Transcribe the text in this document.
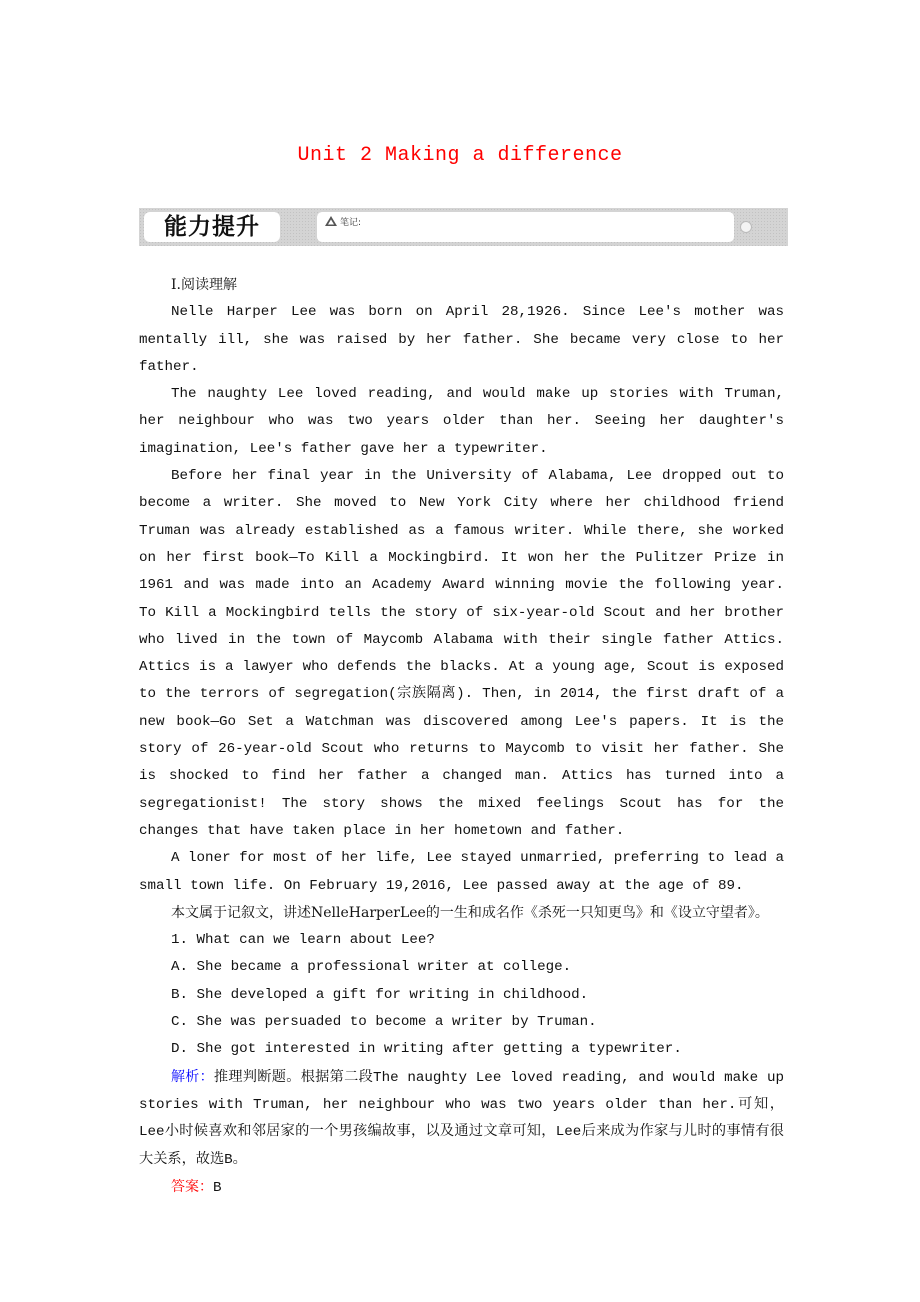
Unit 2 Making a difference
能力提升	笔记:

Ⅰ.阅读理解

Nelle Harper Lee was born on April 28,1926. Since Lee's mother was mentally ill, she was raised by her father. She became very close to her father.

The naughty Lee loved reading, and would make up stories with Truman, her neighbour who was two years older than her. Seeing her daughter's imagination, Lee's father gave her a typewriter.

Before her final year in the University of Alabama, Lee dropped out to become a writer. She moved to New York City where her childhood friend Truman was already established as a famous writer. While there, she worked on her first book—To Kill a Mockingbird. It won her the Pulitzer Prize in 1961 and was made into an Academy Award winning movie the following year. To Kill a Mockingbird tells the story of six-year-old Scout and her brother who lived in the town of Maycomb Alabama with their single father Attics. Attics is a lawyer who defends the blacks. At a young age, Scout is exposed to the terrors of segregation(宗族隔离). Then, in 2014, the first draft of a new book—Go Set a Watchman was discovered among Lee's papers. It is the story of 26-year-old Scout who returns to Maycomb to visit her father. She is shocked to find her father a changed man. Attics has turned into a segregationist! The story shows the mixed feelings Scout has for the changes that have taken place in her hometown and father.

A loner for most of her life, Lee stayed unmarried, preferring to lead a small town life. On February 19,2016, Lee passed away at the age of 89.

本文属于记叙文，讲述NelleHarperLee的一生和成名作《杀死一只知更鸟》和《设立守望者》。

1. What can we learn about Lee?

A. She became a professional writer at college.

B. She developed a gift for writing in childhood.

C. She was persuaded to become a writer by Truman.

D. She got interested in writing after getting a typewriter.

解析：推理判断题。根据第二段The naughty Lee loved reading, and would make up stories with Truman, her neighbour who was two years older than her.可知，Lee小时候喜欢和邻居家的一个男孩编故事，以及通过文章可知，Lee后来成为作家与儿时的事情有很大关系，故选B。

答案：B
